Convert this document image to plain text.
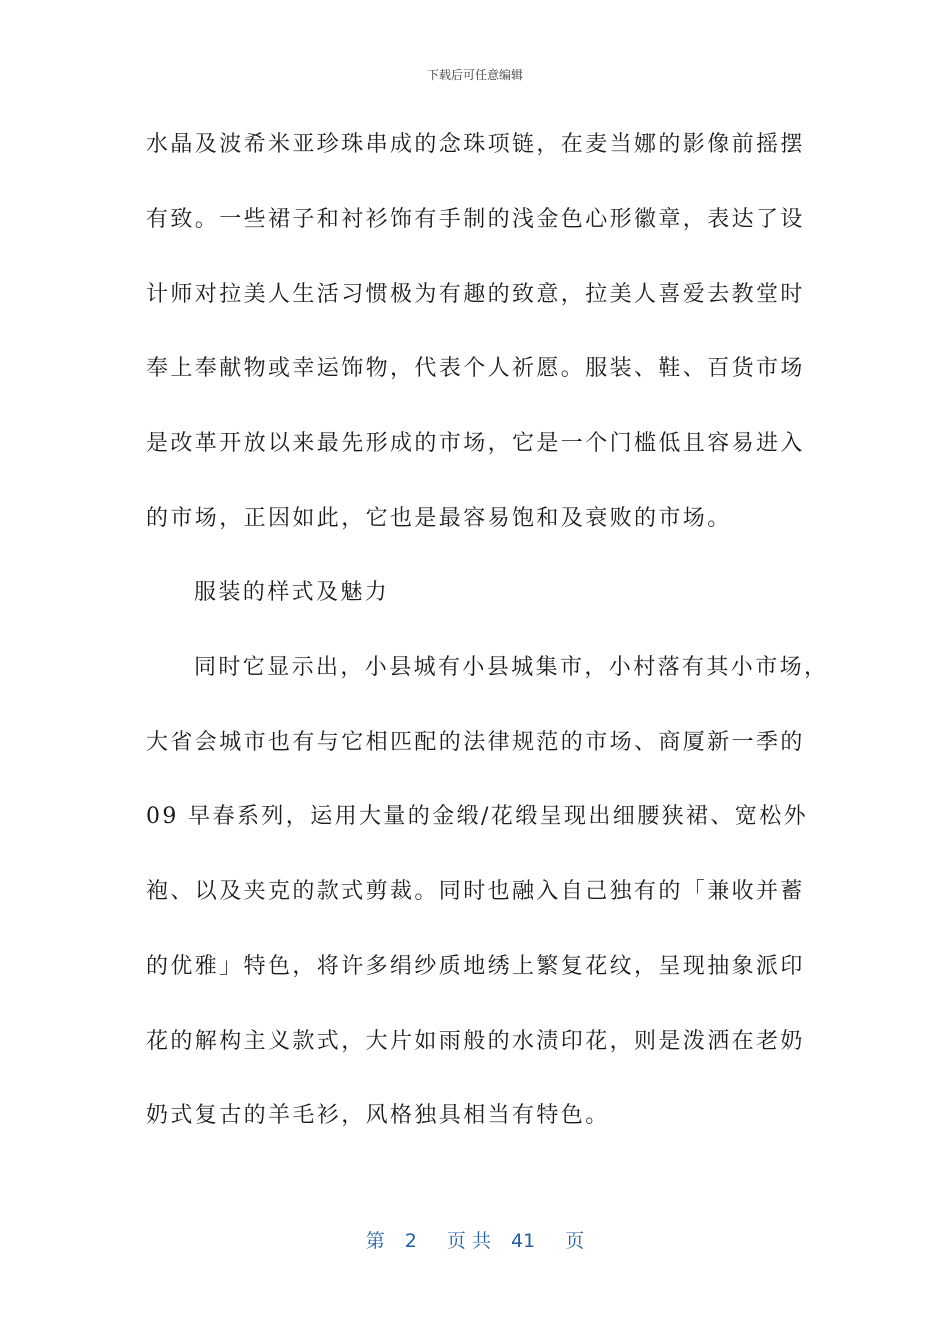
下载后可任意编辑
水晶及波希米亚珍珠串成的念珠项链，在麦当娜的影像前摇摆
有致。一些裙子和衬衫饰有手制的浅金色心形徽章，表达了设
计师对拉美人生活习惯极为有趣的致意，拉美人喜爱去教堂时
奉上奉献物或幸运饰物，代表个人祈愿。服装、鞋、百货市场
是改革开放以来最先形成的市场，它是一个门槛低且容易进入
的市场，正因如此，它也是最容易饱和及衰败的市场。
服装的样式及魅力
同时它显示出，小县城有小县城集市，小村落有其小市场，
大省会城市也有与它相匹配的法律规范的市场、商厦新一季的
09 早春系列，运用大量的金缎/花缎呈现出细腰狭裙、宽松外
袍、以及夹克的款式剪裁。同时也融入自己独有的「兼收并蓄
的优雅」特色，将许多绢纱质地绣上繁复花纹，呈现抽象派印
花的解构主义款式，大片如雨般的水渍印花，则是泼洒在老奶
奶式复古的羊毛衫，风格独具相当有特色。
第 2 页 共 41 页
